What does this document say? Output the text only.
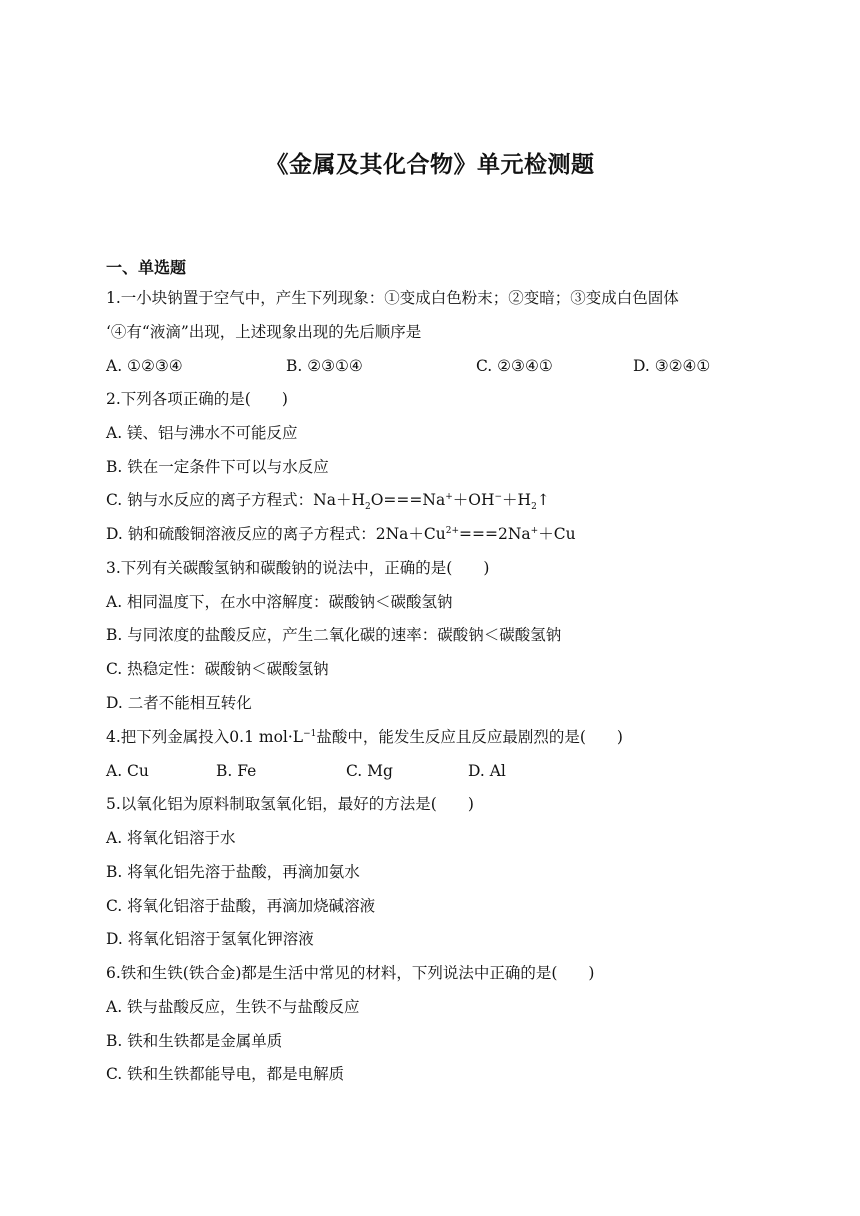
《金属及其化合物》单元检测题
一、单选题
1.一小块钠置于空气中，产生下列现象：①变成白色粉末；②变暗；③变成白色固体
‘④有“液滴”出现，上述现象出现的先后顺序是
A. ①②③④	B. ②③①④	C. ②③④①	D. ③②④①
2.下列各项正确的是(　　)
A. 镁、铝与沸水不可能反应
B. 铁在一定条件下可以与水反应
C. 钠与水反应的离子方程式：$Na+H_2O===Na^++OH^-+H_2↑$
D. 钠和硫酸铜溶液反应的离子方程式：$2Na+Cu^{2+}===2Na^++Cu$
3.下列有关碳酸氢钠和碳酸钠的说法中，正确的是(　　)
A. 相同温度下，在水中溶解度：碳酸钠＜碳酸氢钠
B. 与同浓度的盐酸反应，产生二氧化碳的速率：碳酸钠＜碳酸氢钠
C. 热稳定性：碳酸钠＜碳酸氢钠
D. 二者不能相互转化
4.把下列金属投入0.1 $mol\cdot L^{-1}$盐酸中，能发生反应且反应最剧烈的是(　　)
A. Cu	B. Fe	C. Mg	D. Al
5.以氧化铝为原料制取氢氧化铝，最好的方法是(　　)
A. 将氧化铝溶于水
B. 将氧化铝先溶于盐酸，再滴加氨水
C. 将氧化铝溶于盐酸，再滴加烧碱溶液
D. 将氧化铝溶于氢氧化钾溶液
6.铁和生铁(铁合金)都是生活中常见的材料，下列说法中正确的是(　　)
A. 铁与盐酸反应，生铁不与盐酸反应
B. 铁和生铁都是金属单质
C. 铁和生铁都能导电，都是电解质
